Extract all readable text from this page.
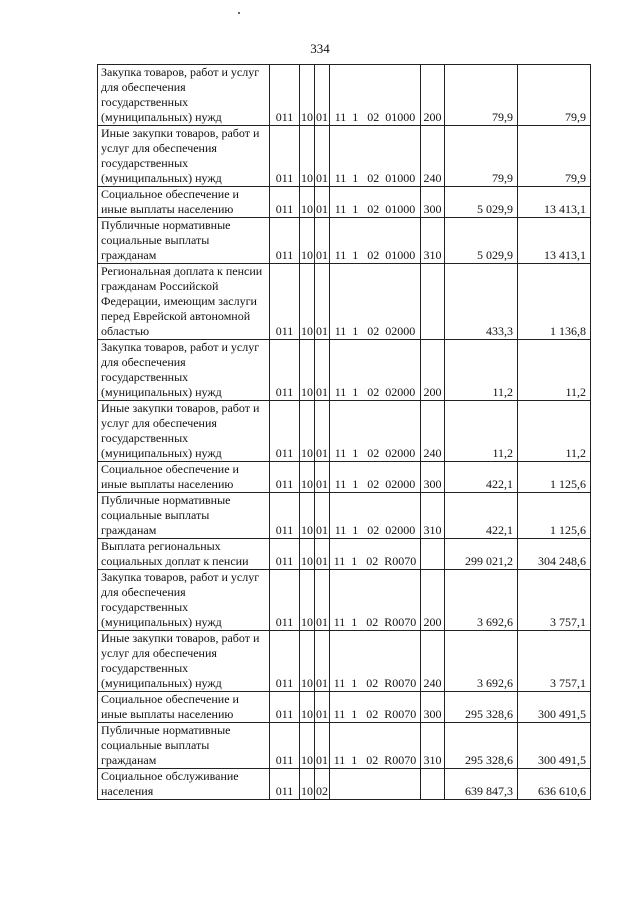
334
Закупка товаров, работ и услуг для обеспечения государственных (муниципальных) нужд	011	10	01	11  1   02  01000	200	79,9	79,9
Иные закупки товаров, работ и услуг для обеспечения государственных (муниципальных) нужд	011	10	01	11  1   02  01000	240	79,9	79,9
Социальное обеспечение и иные выплаты населению	011	10	01	11  1   02  01000	300	5 029,9	13 413,1
Публичные нормативные социальные выплаты гражданам	011	10	01	11  1   02  01000	310	5 029,9	13 413,1
Региональная доплата к пенсии гражданам Российской Федерации, имеющим заслуги перед Еврейской автономной областью	011	10	01	11  1   02  02000		433,3	1 136,8
Закупка товаров, работ и услуг для обеспечения государственных (муниципальных) нужд	011	10	01	11  1   02  02000	200	11,2	11,2
Иные закупки товаров, работ и услуг для обеспечения государственных (муниципальных) нужд	011	10	01	11  1   02  02000	240	11,2	11,2
Социальное обеспечение и иные выплаты населению	011	10	01	11  1   02  02000	300	422,1	1 125,6
Публичные нормативные социальные выплаты гражданам	011	10	01	11  1   02  02000	310	422,1	1 125,6
Выплата региональных социальных доплат к пенсии	011	10	01	11  1   02  R0070		299 021,2	304 248,6
Закупка товаров, работ и услуг для обеспечения государственных (муниципальных) нужд	011	10	01	11  1   02  R0070	200	3 692,6	3 757,1
Иные закупки товаров, работ и услуг для обеспечения государственных (муниципальных) нужд	011	10	01	11  1   02  R0070	240	3 692,6	3 757,1
Социальное обеспечение и иные выплаты населению	011	10	01	11  1   02  R0070	300	295 328,6	300 491,5
Публичные нормативные социальные выплаты гражданам	011	10	01	11  1   02  R0070	310	295 328,6	300 491,5
Социальное обслуживание населения	011	10	02			639 847,3	636 610,6
